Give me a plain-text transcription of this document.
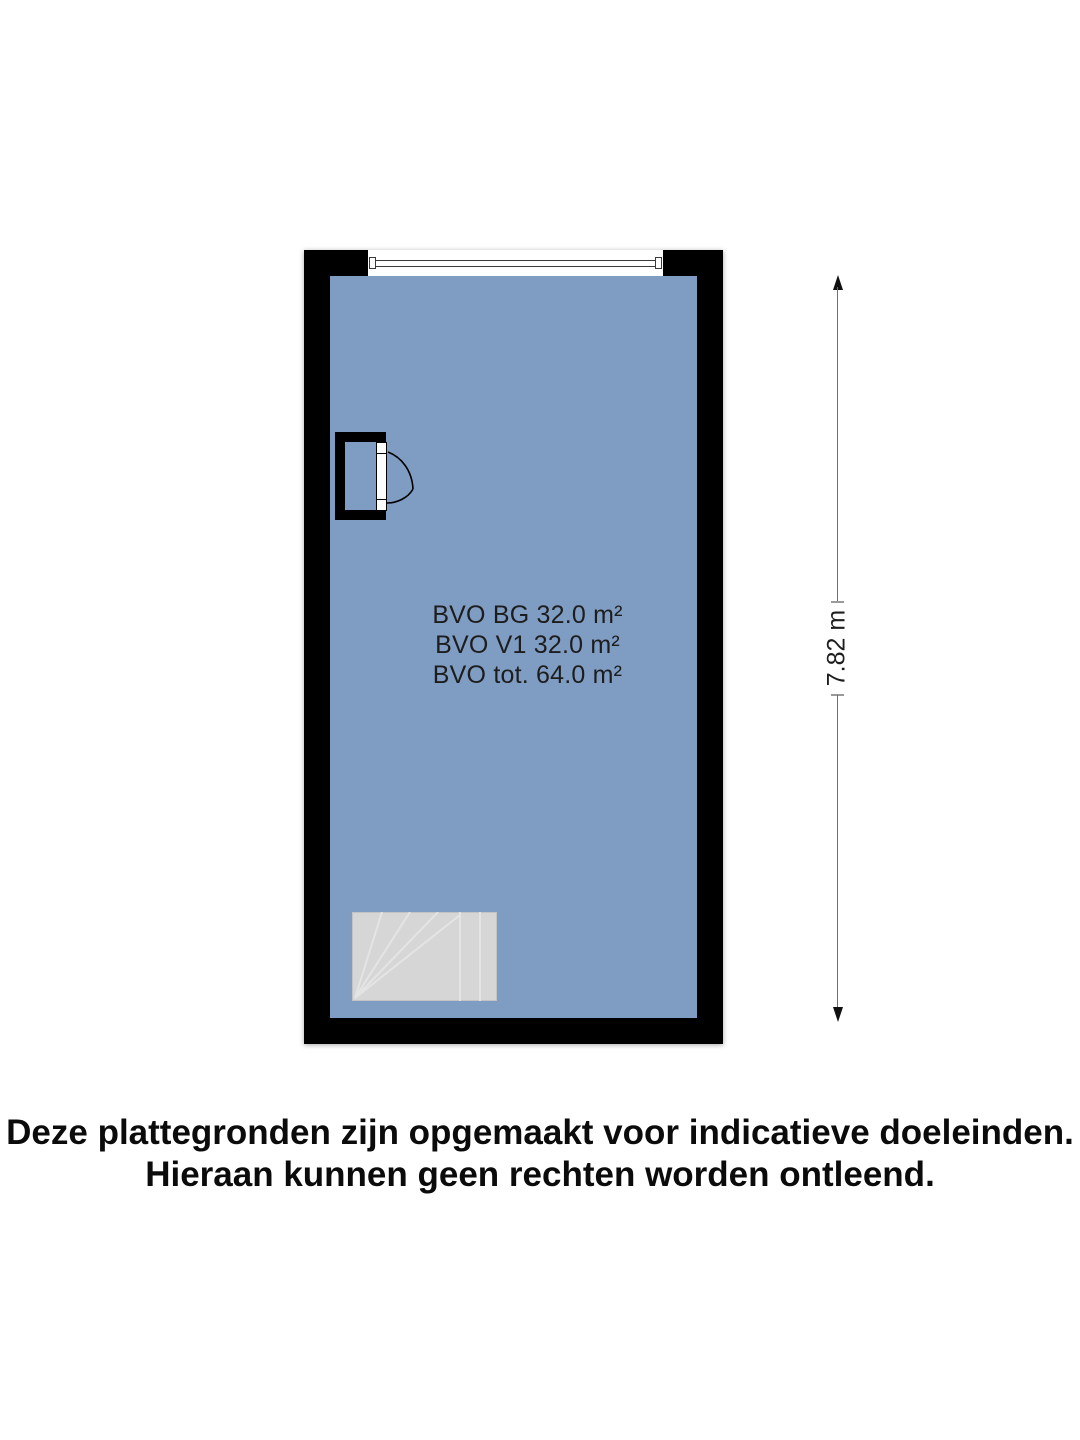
BVO BG 32.0 m²
BVO V1 32.0 m²
BVO tot. 64.0 m²	7.82 m
Deze plattegronden zijn opgemaakt voor indicatieve doeleinden.
Hieraan kunnen geen rechten worden ontleend.
